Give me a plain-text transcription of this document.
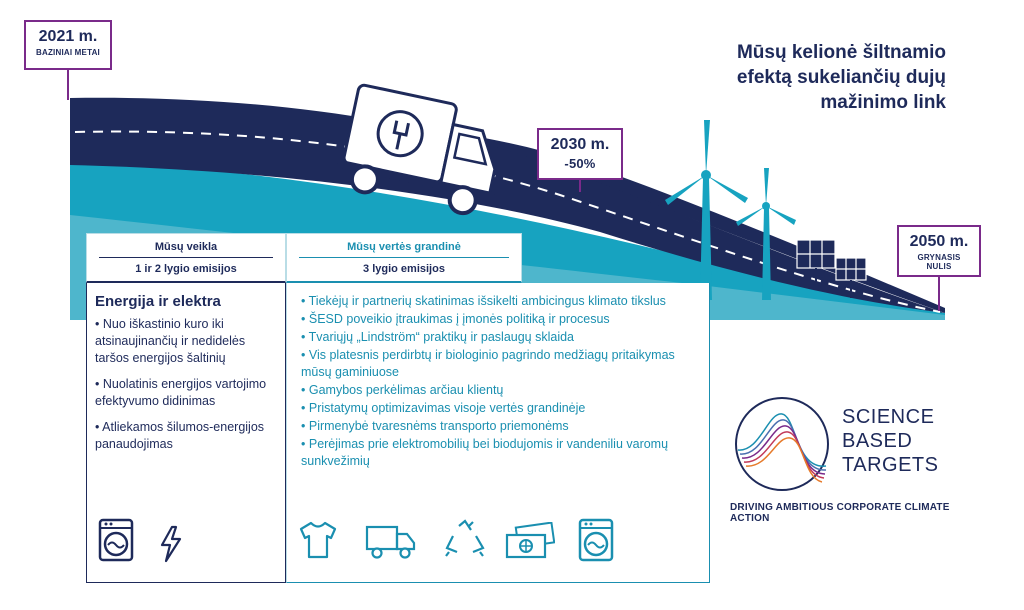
2021 m.
BAZINIAI METAI
2030 m.
-50%
2050 m.
GRYNASIS NULIS
Mūsų kelionė šiltnamio
efektą sukeliančių dujų
mažinimo link
Mūsų veikla
1 ir 2 lygio emisijos
Energija ir elektra
• Nuo iškastinio kuro iki atsinaujinančių ir nedidelės taršos energijos šaltinių
• Nuolatinis energijos vartojimo efektyvumo didinimas
• Atliekamos šilumos-energijos panaudojimas
Mūsų vertės grandinė
3 lygio emisijos
• Tiekėjų ir partnerių skatinimas išsikelti ambicingus klimato tikslus
• ŠESD poveikio įtraukimas į įmonės politiką ir procesus
• Tvariųjų „Lindström“ praktikų ir paslaugų sklaida
• Vis platesnis perdirbtų ir biologinio pagrindo medžiagų pritaikymas mūsų gaminiuose
• Gamybos perkėlimas arčiau klientų
• Pristatymų optimizavimas visoje vertės grandinėje
• Pirmenybė tvaresnėms transporto priemonėms
• Perėjimas prie elektromobilių bei biodujomis ir vandeniliu varomų sunkvežimių
SCIENCE
BASED
TARGETS
DRIVING AMBITIOUS CORPORATE CLIMATE ACTION
